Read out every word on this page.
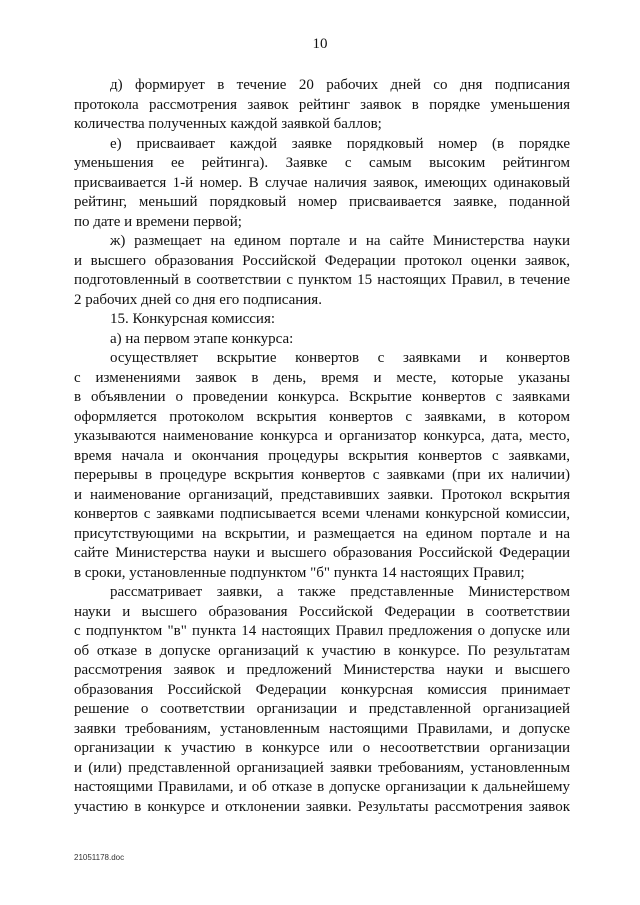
10
д) формирует в течение 20 рабочих дней со дня подписания
протокола рассмотрения заявок рейтинг заявок в порядке уменьшения
количества полученных каждой заявкой баллов;
е) присваивает каждой заявке порядковый номер (в порядке
уменьшения ее рейтинга). Заявке с самым высоким рейтингом
присваивается 1-й номер. В случае наличия заявок, имеющих одинаковый
рейтинг, меньший порядковый номер присваивается заявке, поданной
по дате и времени первой;
ж) размещает на едином портале и на сайте Министерства науки
и высшего образования Российской Федерации протокол оценки заявок,
подготовленный в соответствии с пунктом 15 настоящих Правил, в течение
2 рабочих дней со дня его подписания.
15. Конкурсная комиссия:
а) на первом этапе конкурса:
осуществляет вскрытие конвертов с заявками и конвертов
с изменениями заявок в день, время и месте, которые указаны
в объявлении о проведении конкурса. Вскрытие конвертов с заявками
оформляется протоколом вскрытия конвертов с заявками, в котором
указываются наименование конкурса и организатор конкурса, дата, место,
время начала и окончания процедуры вскрытия конвертов с заявками,
перерывы в процедуре вскрытия конвертов с заявками (при их наличии)
и наименование организаций, представивших заявки. Протокол вскрытия
конвертов с заявками подписывается всеми членами конкурсной комиссии,
присутствующими на вскрытии, и размещается на едином портале и на
сайте Министерства науки и высшего образования Российской Федерации
в сроки, установленные подпунктом "б" пункта 14 настоящих Правил;
рассматривает заявки, а также представленные Министерством
науки и высшего образования Российской Федерации в соответствии
с подпунктом "в" пункта 14 настоящих Правил предложения о допуске или
об отказе в допуске организаций к участию в конкурсе. По результатам
рассмотрения заявок и предложений Министерства науки и высшего
образования Российской Федерации конкурсная комиссия принимает
решение о соответствии организации и представленной организацией
заявки требованиям, установленным настоящими Правилами, и допуске
организации к участию в конкурсе или о несоответствии организации
и (или) представленной организацией заявки требованиям, установленным
настоящими Правилами, и об отказе в допуске организации к дальнейшему
участию в конкурсе и отклонении заявки. Результаты рассмотрения заявок
21051178.doc
